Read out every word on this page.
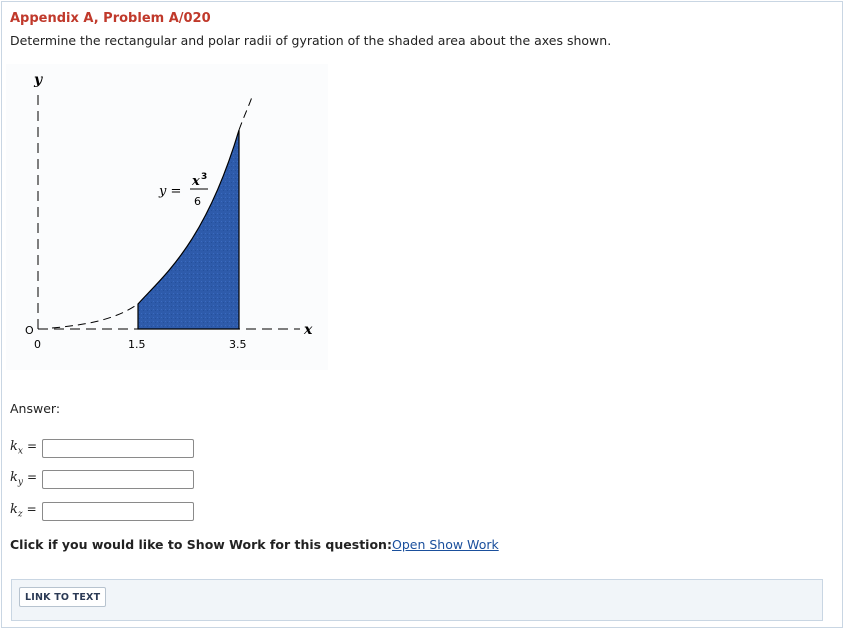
Appendix A, Problem A/020
Determine the rectangular and polar radii of gyration of the shaded area about the axes shown.
y
x
O
0	1.5	3.5
y =
x 3
6
Answer:
$k_x$ =
$k_y$ =
$k_z$ =
Click if you would like to Show Work for this question: Open Show Work
LINK TO TEXT
